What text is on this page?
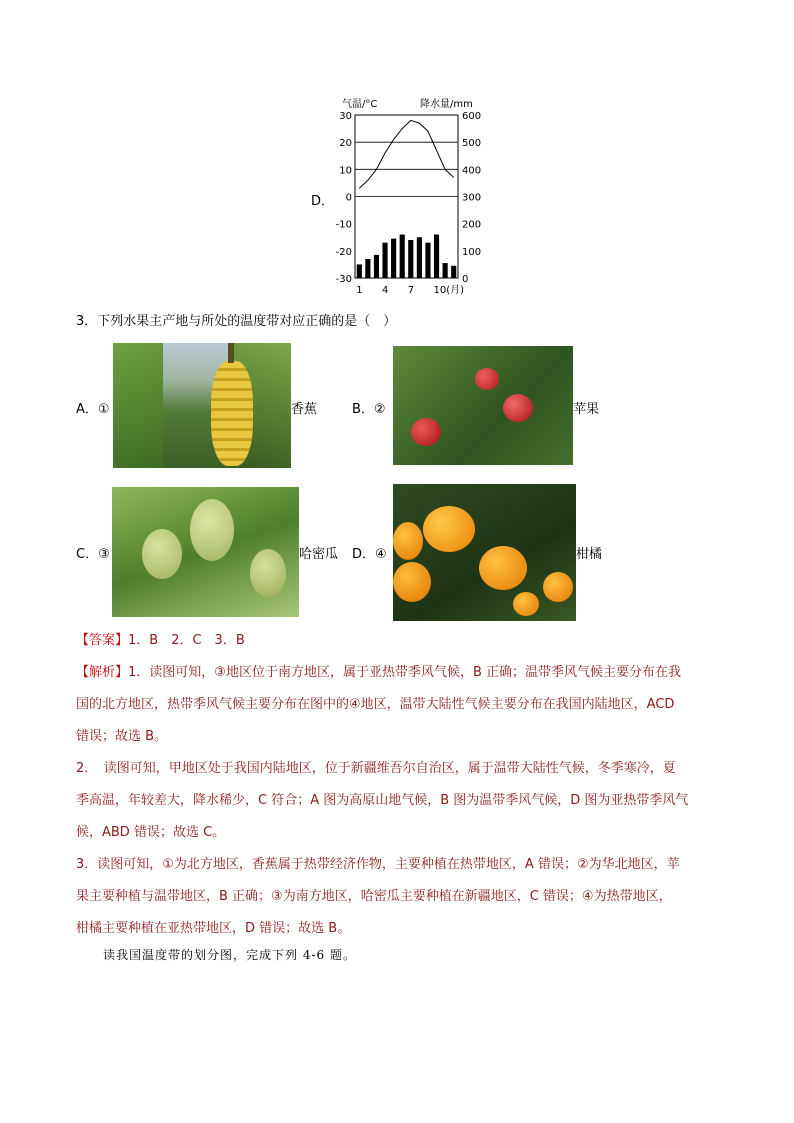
D．
气温/°C	降水量/mm
30
20
10
0
-10
-20
-30
600
500
400
300
200
100
0
1 4 7 10(月)
3．下列水果主产地与所处的温度带对应正确的是（　）
A．①	香蕉	B．②	苹果
C．③	哈密瓜 D．④	柑橘
【答案】1．B　2．C　3．B
【解析】1．读图可知，③地区位于南方地区，属于亚热带季风气候，B 正确；温带季风气候主要分布在我
国的北方地区，热带季风气候主要分布在图中的④地区，温带大陆性气候主要分布在我国内陆地区，ACD
错误；故选 B。
2．　读图可知，甲地区处于我国内陆地区，位于新疆维吾尔自治区，属于温带大陆性气候，冬季寒冷，夏
季高温，年较差大，降水稀少，C 符合；A 图为高原山地气候，B 图为温带季风气候，D 图为亚热带季风气
候，ABD 错误；故选 C。
3．读图可知，①为北方地区，香蕉属于热带经济作物，主要种植在热带地区，A 错误；②为华北地区，苹
果主要种植与温带地区，B 正确；③为南方地区，哈密瓜主要种植在新疆地区，C 错误；④为热带地区，
柑橘主要种植在亚热带地区，D 错误；故选 B。
读我国温度带的划分图，完成下列 4-6 题。
